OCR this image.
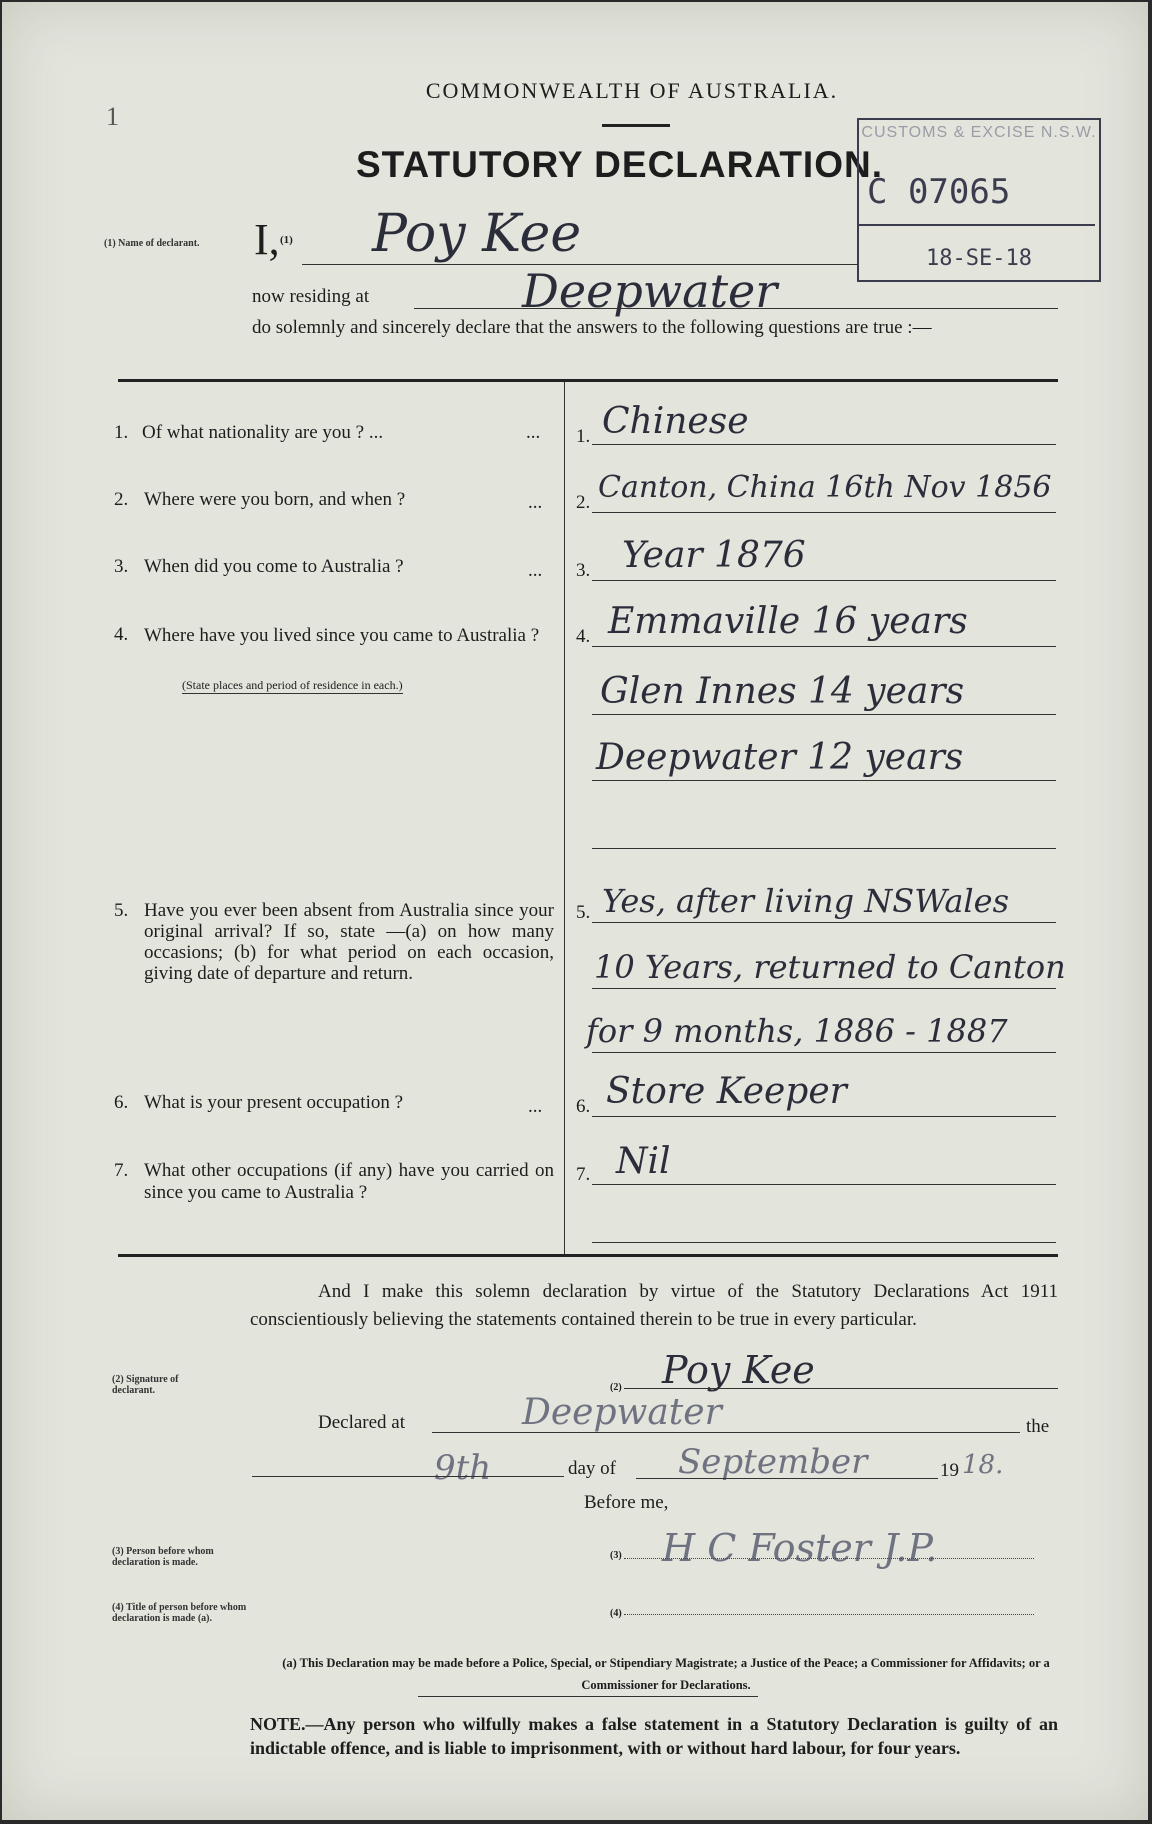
1
COMMONWEALTH OF AUSTRALIA.
STATUTORY DECLARATION.
CUSTOMS & EXCISE N.S.W.
C 07065
18-SE-18
(1) Name of declarant.	I, (1) Poy Kee
now residing at	Deepwater
do solemnly and sincerely declare that the answers to the following questions are true :—
1. Of what nationality are you ? ...	... 1. Chinese
2. Where were you born, and when ?	... 2. Canton, China 16th Nov 1856
3. When did you come to Australia ?	... 3. Year 1876
4. Where have you lived since you came to Australia ?
(State places and period of residence in each.)
4. Emmaville 16 years
Glen Innes 14 years
Deepwater 12 years
5. Have you ever been absent from Australia since your original arrival? If so, state —(a) on how many occasions; (b) for what period on each occasion, giving date of departure and return.
5. Yes, after living NSWales
10 Years, returned to Canton
for 9 months, 1886 - 1887
6. What is your present occupation ?	... 6. Store Keeper
7. What other occupations (if any) have you carried on since you came to Australia ?
7. Nil
And I make this solemn declaration by virtue of the Statutory Declarations Act 1911 conscientiously believing the statements contained therein to be true in every particular.
(2) Signature of declarant.	(2) Poy Kee
Declared at	Deepwater	the
9th	day of September	19 18.
Before me,
(3) Person before whom declaration is made.
(3) H C Foster J.P.
(4) Title of person before whom declaration is made (a).	(4)
(a) This Declaration may be made before a Police, Special, or Stipendiary Magistrate; a Justice of the Peace; a Commissioner for Affidavits; or a Commissioner for Declarations.
NOTE.—Any person who wilfully makes a false statement in a Statutory Declaration is guilty of an indictable offence, and is liable to imprisonment, with or without hard labour, for four years.
